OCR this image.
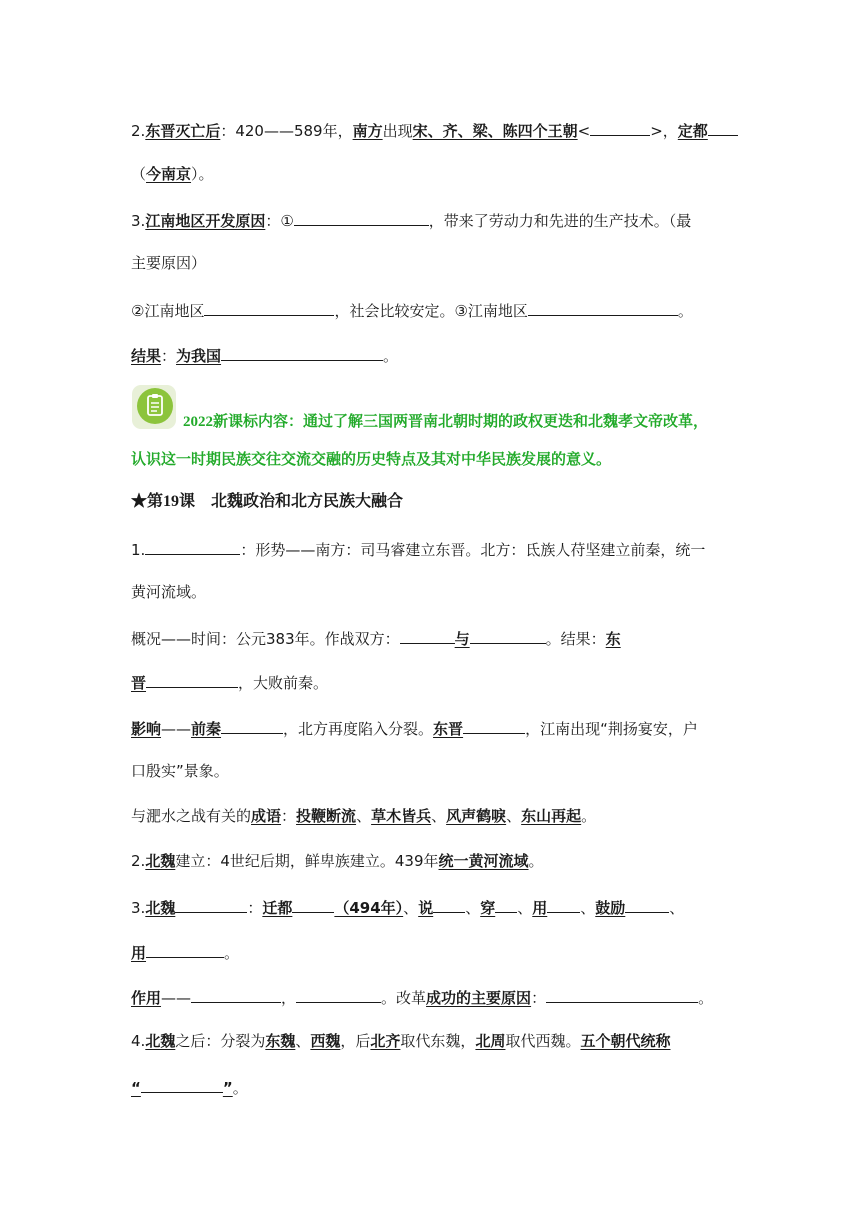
2.东晋灭亡后：420——589年，南方出现宋、齐、梁、陈四个王朝<	>，定都
（今南京）。
3.江南地区开发原因：①	，带来了劳动力和先进的生产技术。（最
主要原因）
②江南地区	，社会比较安定。③江南地区	。
结果：为我国	。
2022新课标内容：通过了解三国两晋南北朝时期的政权更迭和北魏孝文帝改革，
认识这一时期民族交往交流交融的历史特点及其对中华民族发展的意义。
★第19课　北魏政治和北方民族大融合
1.	：形势——南方：司马睿建立东晋。北方：氐族人苻坚建立前秦，统一
黄河流域。
概况——时间：公元383年。作战双方：	与	。结果：东
晋	，大败前秦。
影响——前秦	，北方再度陷入分裂。东晋	，江南出现“荆扬宴安，户
口殷实”景象。
与淝水之战有关的成语：投鞭断流、草木皆兵、风声鹤唳、东山再起。
2.北魏建立：4世纪后期，鲜卑族建立。439年统一黄河流域。
3.北魏	：迁都	（494年）、说 、穿 、用 、鼓励	、
用	。
作用——	，	。改革成功的主要原因：	。
4.北魏之后：分裂为东魏、西魏，后北齐取代东魏，北周取代西魏。五个朝代统称
“	”。
